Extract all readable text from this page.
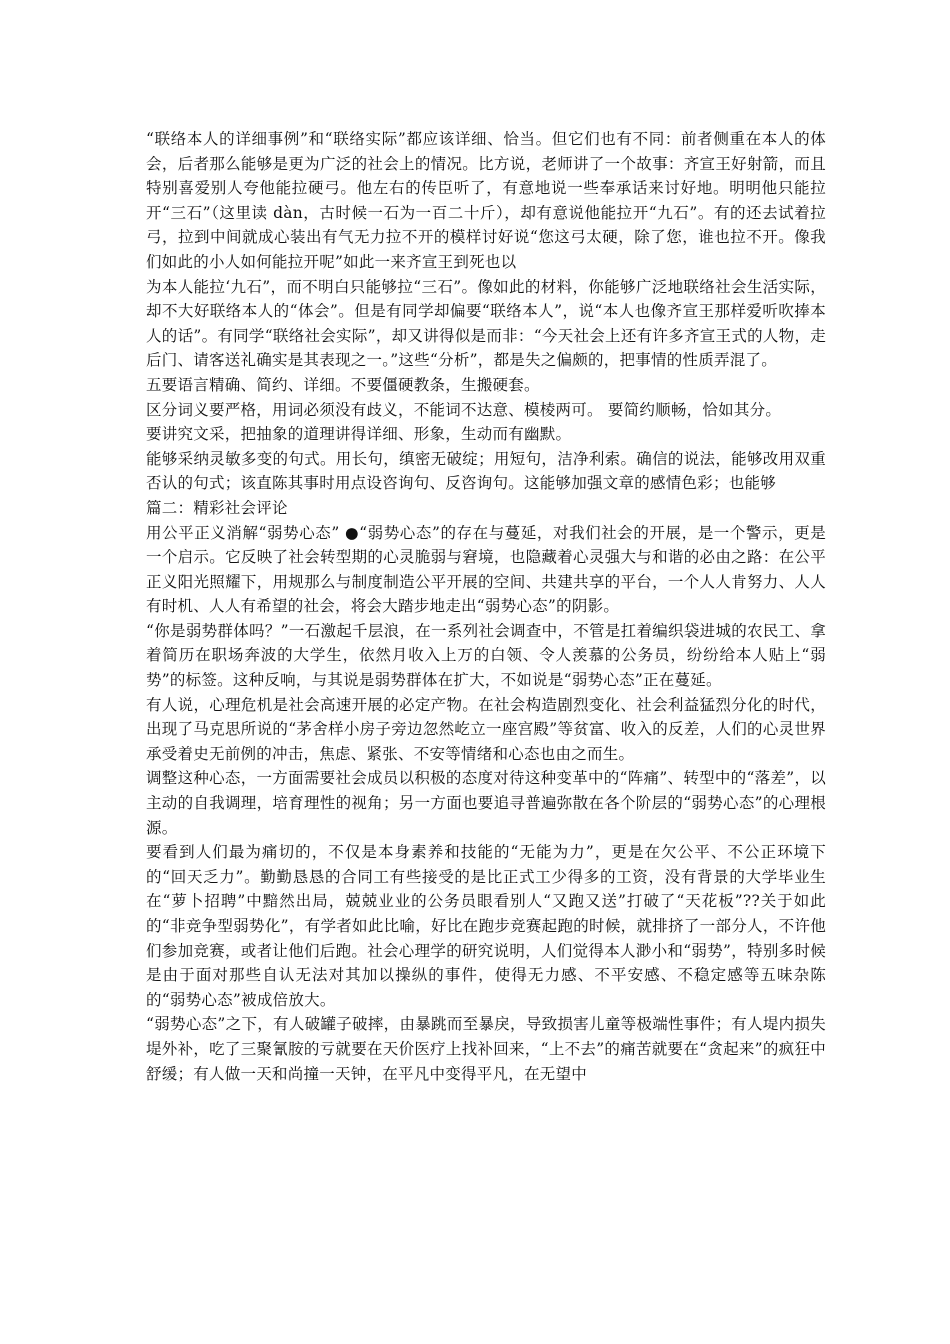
“联络本人的详细事例”和“联络实际”都应该详细、恰当。但它们也有不同：前者侧重在本人的体会，后者那么能够是更为广泛的社会上的情况。比方说，老师讲了一个故事：齐宣王好射箭，而且特别喜爱别人夸他能拉硬弓。他左右的传臣听了，有意地说一些奉承话来讨好地。明明他只能拉开“三石”（这里读 dàn，古时候一石为一百二十斤），却有意说他能拉开“九石”。有的还去试着拉弓，拉到中间就成心装出有气无力拉不开的模样讨好说“您这弓太硬，除了您，谁也拉不开。像我们如此的小人如何能拉开呢”如此一来齐宣王到死也以

为本人能拉‘九石”，而不明白只能够拉“三石”。像如此的材料，你能够广泛地联络社会生活实际，却不大好联络本人的“体会”。但是有同学却偏要“联络本人”，说“本人也像齐宣王那样爱听吹捧本人的话”。有同学“联络社会实际”，却又讲得似是而非：“今天社会上还有许多齐宣王式的人物，走后门、请客送礼确实是其表现之一。”这些“分析”，都是失之偏颇的，把事情的性质弄混了。

五要语言精确、简约、详细。不要僵硬教条，生搬硬套。

区分词义要严格，用词必须没有歧义，不能词不达意、模棱两可。 要简约顺畅，恰如其分。

要讲究文采，把抽象的道理讲得详细、形象，生动而有幽默。

能够采纳灵敏多变的句式。用长句，缜密无破绽；用短句，洁净利索。确信的说法，能够改用双重否认的句式；该直陈其事时用点设咨询句、反咨询句。这能够加强文章的感情色彩；也能够

篇二：精彩社会评论

用公平正义消解“弱势心态” ●“弱势心态”的存在与蔓延，对我们社会的开展，是一个警示，更是一个启示。它反映了社会转型期的心灵脆弱与窘境，也隐藏着心灵强大与和谐的必由之路：在公平正义阳光照耀下，用规那么与制度制造公平开展的空间、共建共享的平台，一个人人肯努力、人人有时机、人人有希望的社会，将会大踏步地走出“弱势心态”的阴影。

“你是弱势群体吗？”一石激起千层浪，在一系列社会调查中，不管是扛着编织袋进城的农民工、拿着简历在职场奔波的大学生，依然月收入上万的白领、令人羡慕的公务员，纷纷给本人贴上“弱势”的标签。这种反响，与其说是弱势群体在扩大，不如说是“弱势心态”正在蔓延。

有人说，心理危机是社会高速开展的必定产物。在社会构造剧烈变化、社会利益猛烈分化的时代，出现了马克思所说的“茅舍样小房子旁边忽然屹立一座宫殿”等贫富、收入的反差，人们的心灵世界承受着史无前例的冲击，焦虑、紧张、不安等情绪和心态也由之而生。

调整这种心态，一方面需要社会成员以积极的态度对待这种变革中的“阵痛”、转型中的“落差”，以主动的自我调理，培育理性的视角；另一方面也要追寻普遍弥散在各个阶层的“弱势心态”的心理根源。

要看到人们最为痛切的，不仅是本身素养和技能的“无能为力”，更是在欠公平、不公正环境下的“回天乏力”。勤勤恳恳的合同工有些接受的是比正式工少得多的工资，没有背景的大学毕业生在“萝卜招聘”中黯然出局，兢兢业业的公务员眼看别人“又跑又送”打破了“天花板”??关于如此的“非竞争型弱势化”，有学者如此比喻，好比在跑步竞赛起跑的时候，就排挤了一部分人，不许他们参加竞赛，或者让他们后跑。社会心理学的研究说明，人们觉得本人渺小和“弱势”，特别多时候是由于面对那些自认无法对其加以操纵的事件，使得无力感、不平安感、不稳定感等五味杂陈的“弱势心态”被成倍放大。

“弱势心态”之下，有人破罐子破摔，由暴跳而至暴戾，导致损害儿童等极端性事件；有人堤内损失堤外补，吃了三聚氰胺的亏就要在天价医疗上找补回来，“上不去”的痛苦就要在“贪起来”的疯狂中舒缓；有人做一天和尚撞一天钟，在平凡中变得平凡，在无望中
